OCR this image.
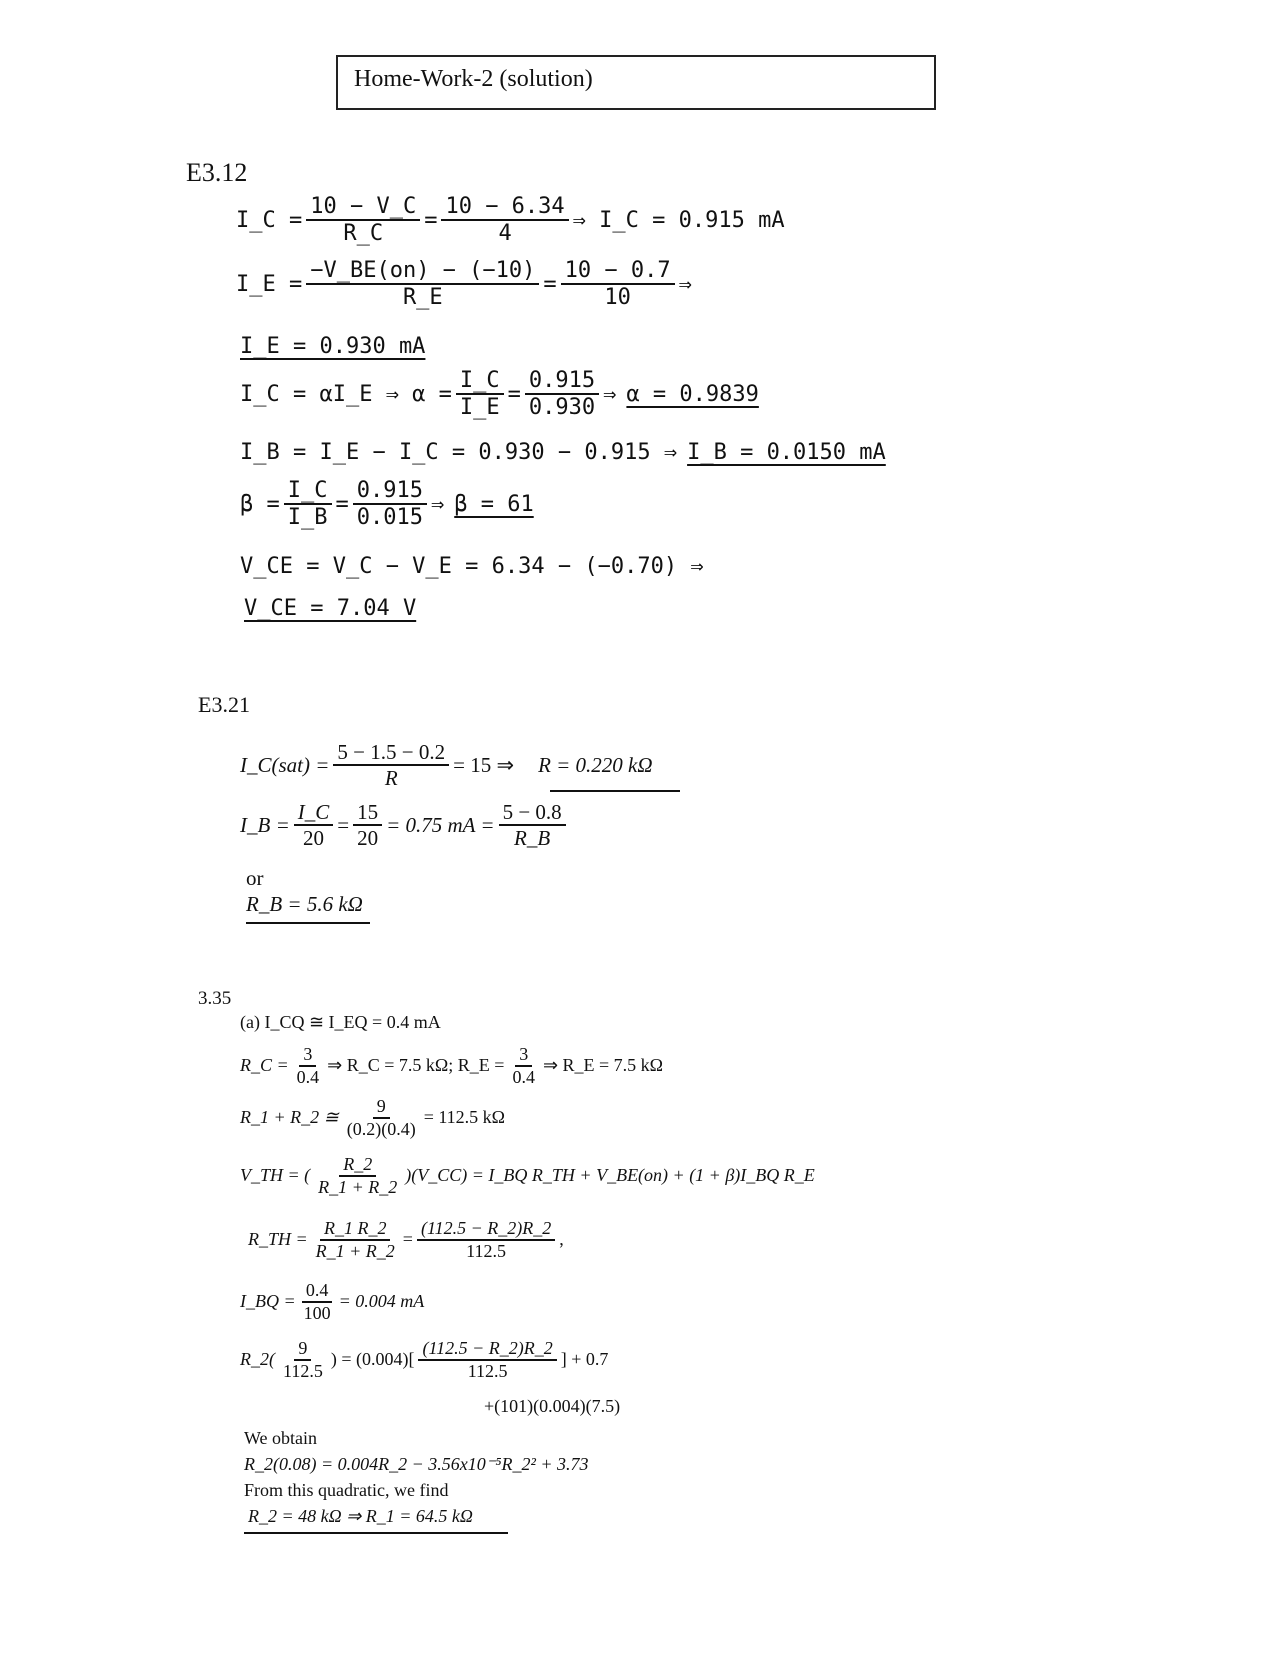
Home-Work-2 (solution)
E3.12
I_C = $\frac{10 - V\_C}{R\_C} = \frac{10 - 6.34}{4}$ ⇒ I_C = 0.915 mA
I_E = $\frac{-V\_BE(on) - (-10)}{R\_E} = \frac{10 - 0.7}{10}$ ⇒
I_E = 0.930 mA
I_C = αI_E ⇒ $\alpha = \frac{I\_C}{I\_E} = \frac{0.915}{0.930}$ ⇒ α = 0.9839
I_B = I_E − I_C = 0.930 − 0.915 ⇒ I_B = 0.0150 mA
$\beta = \frac{I\_C}{I\_B} = \frac{0.915}{0.015}$ ⇒ β = 61
V_CE = V_C − V_E = 6.34 − (−0.70) ⇒
V_CE = 7.04 V
E3.21
I_C(sat) = $\frac{5 - 1.5 - 0.2}{R} = 15$ ⇒ R = 0.220 kΩ
I_B = $\frac{I\_C}{20} = \frac{15}{20} = 0.75$ mA = $\frac{5 - 0.8}{R\_B}$
or
R_B = 5.6 kΩ
3.35
(a) I_CQ ≅ I_EQ = 0.4 mA
R_C = $\frac{3}{0.4}$ ⇒ R_C = 7.5 kΩ; R_E = $\frac{3}{0.4}$ ⇒ R_E = 7.5 kΩ
R_1 + R_2 ≅ $\frac{9}{(0.2)(0.4)} = 112.5$ kΩ
V_TH = ( $\frac{R\_2}{R\_1 + R\_2}$ )(V_CC) = I_BQ R_TH + V_BE(on) + (1 + β)I_BQ R_E
R_TH = $\frac{R\_1 R\_2}{R\_1 + R\_2} = \frac{(112.5 - R\_2)R\_2}{112.5}$ ,
I_BQ = $\frac{0.4}{100} = 0.004$ mA
R_2( $\frac{9}{112.5}$ ) = $(0.004)[ \frac{(112.5 - R\_2)R\_2}{112.5}$ ] + 0.7
+(101)(0.004)(7.5)
We obtain
R_2(0.08) = 0.004R_2 − 3.56x10⁻⁵R_2² + 3.73
From this quadratic, we find
R_2 = 48 kΩ ⇒ R_1 = 64.5 kΩ
